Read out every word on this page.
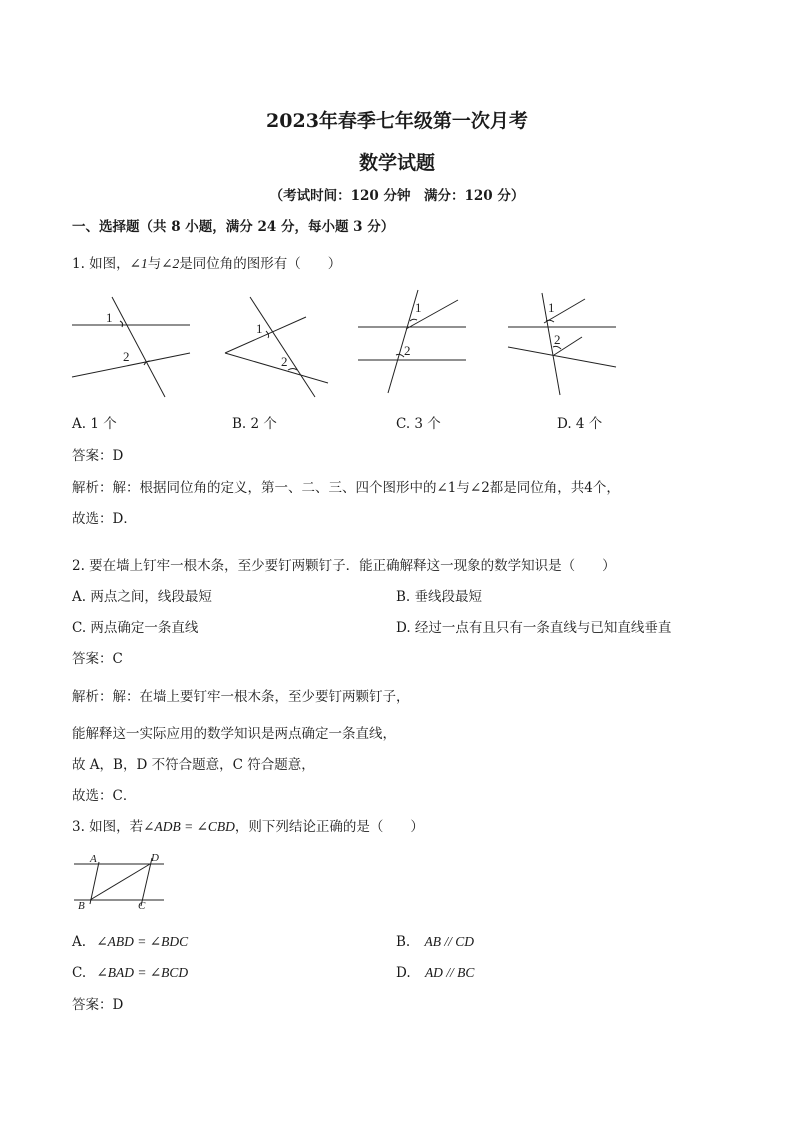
2023年春季七年级第一次月考
数学试题
（考试时间：120 分钟　满分：120 分）
一、选择题（共 8 小题，满分 24 分，每小题 3 分）
1. 如图，∠1与∠2是同位角的图形有（　　）
1
2
1
2
1
2
1
2
A. 1 个	B. 2 个	C. 3 个	D. 4 个
答案：D
解析：解：根据同位角的定义，第一、二、三、四个图形中的∠1与∠2都是同位角，共4个，
故选：D．
2. 要在墙上钉牢一根木条，至少要钉两颗钉子．能正确解释这一现象的数学知识是（　　）
A. 两点之间，线段最短	B. 垂线段最短
C. 两点确定一条直线	D. 经过一点有且只有一条直线与已知直线垂直
答案：C
解析：解：在墙上要钉牢一根木条，至少要钉两颗钉子，
能解释这一实际应用的数学知识是两点确定一条直线，
故 A，B，D 不符合题意，C 符合题意，
故选：C．
3. 如图，若∠ADB = ∠CBD，则下列结论正确的是（　　）
A	D
B	C
A. ∠ABD = ∠BDC	B. AB // CD
C. ∠BAD = ∠BCD	D. AD // BC
答案：D
